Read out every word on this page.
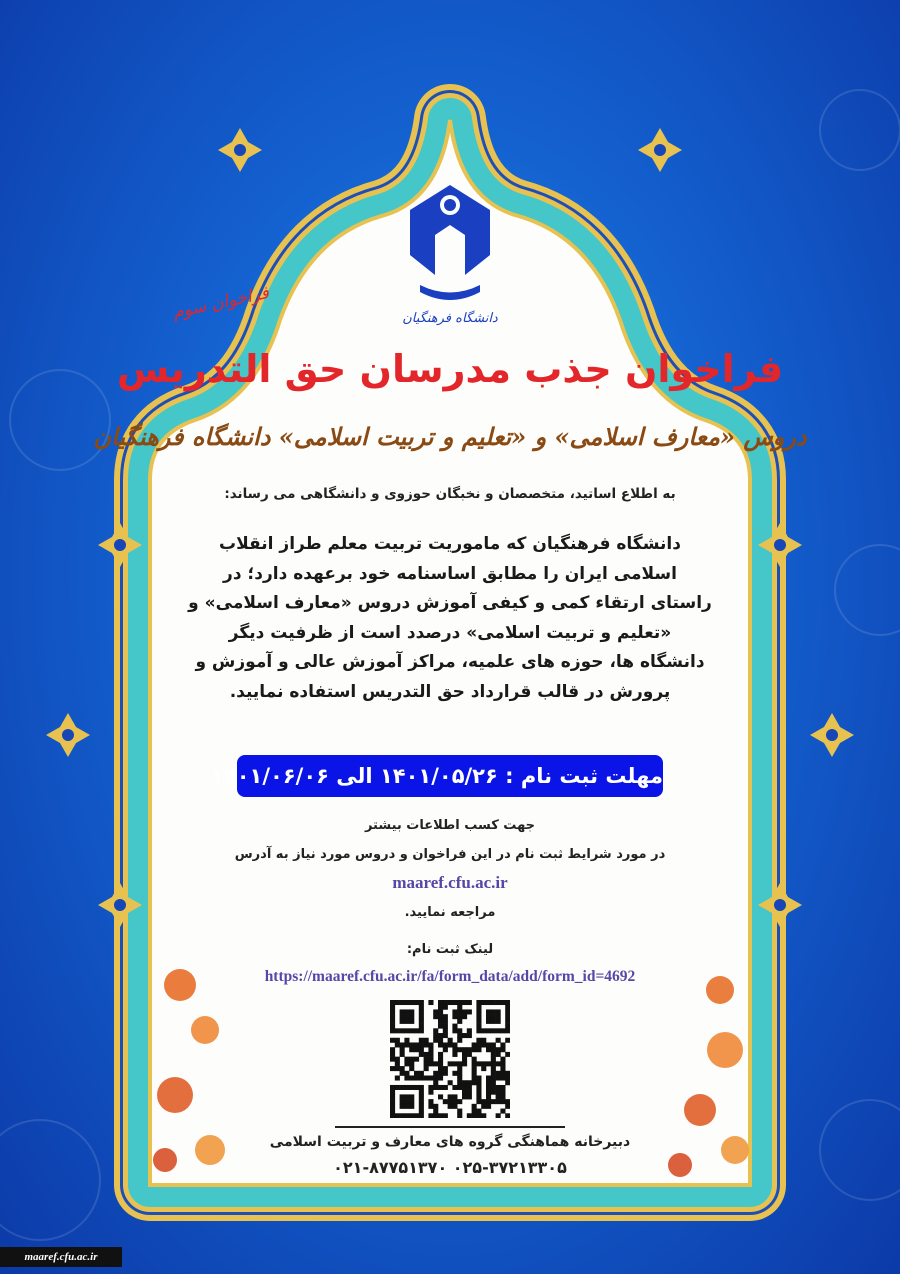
دانشگاه فرهنگیان
فراخوان سوم
فراخوان جذب مدرسان حق التدریس
دروس «معارف اسلامی» و «تعلیم و تربیت اسلامی» دانشگاه فرهنگیان
به اطلاع اساتید، متخصصان و نخبگان حوزوی و دانشگاهی می رساند:
دانشگاه فرهنگیان که ماموریت تربیت معلم طراز انقلاب
اسلامی ایران را مطابق اساسنامه خود برعهده دارد؛ در
راستای ارتقاء کمی و کیفی آموزش دروس «معارف اسلامی» و
«تعلیم و تربیت اسلامی» درصدد است از ظرفیت دیگر
دانشگاه ها، حوزه های علمیه، مراکز آموزش عالی و آموزش و
پرورش در قالب قرارداد حق التدریس استفاده نمایید.
مهلت ثبت نام : ۱۴۰۱/۰۵/۲۶ الی ۱۴۰۱/۰۶/۰۶
جهت کسب اطلاعات بیشتر
در مورد شرایط ثبت نام در این فراخوان و دروس مورد نیاز به آدرس
maaref.cfu.ac.ir
مراجعه نمایید.
لینک ثبت نام:
https://maaref.cfu.ac.ir/fa/form_data/add/form_id=4692
دبیرخانه هماهنگی گروه های معارف و تربیت اسلامی
۰۲۱-۸۷۷۵۱۳۷۰ ۰۲۵-۳۷۲۱۳۳۰۵
maaref.cfu.ac.ir
